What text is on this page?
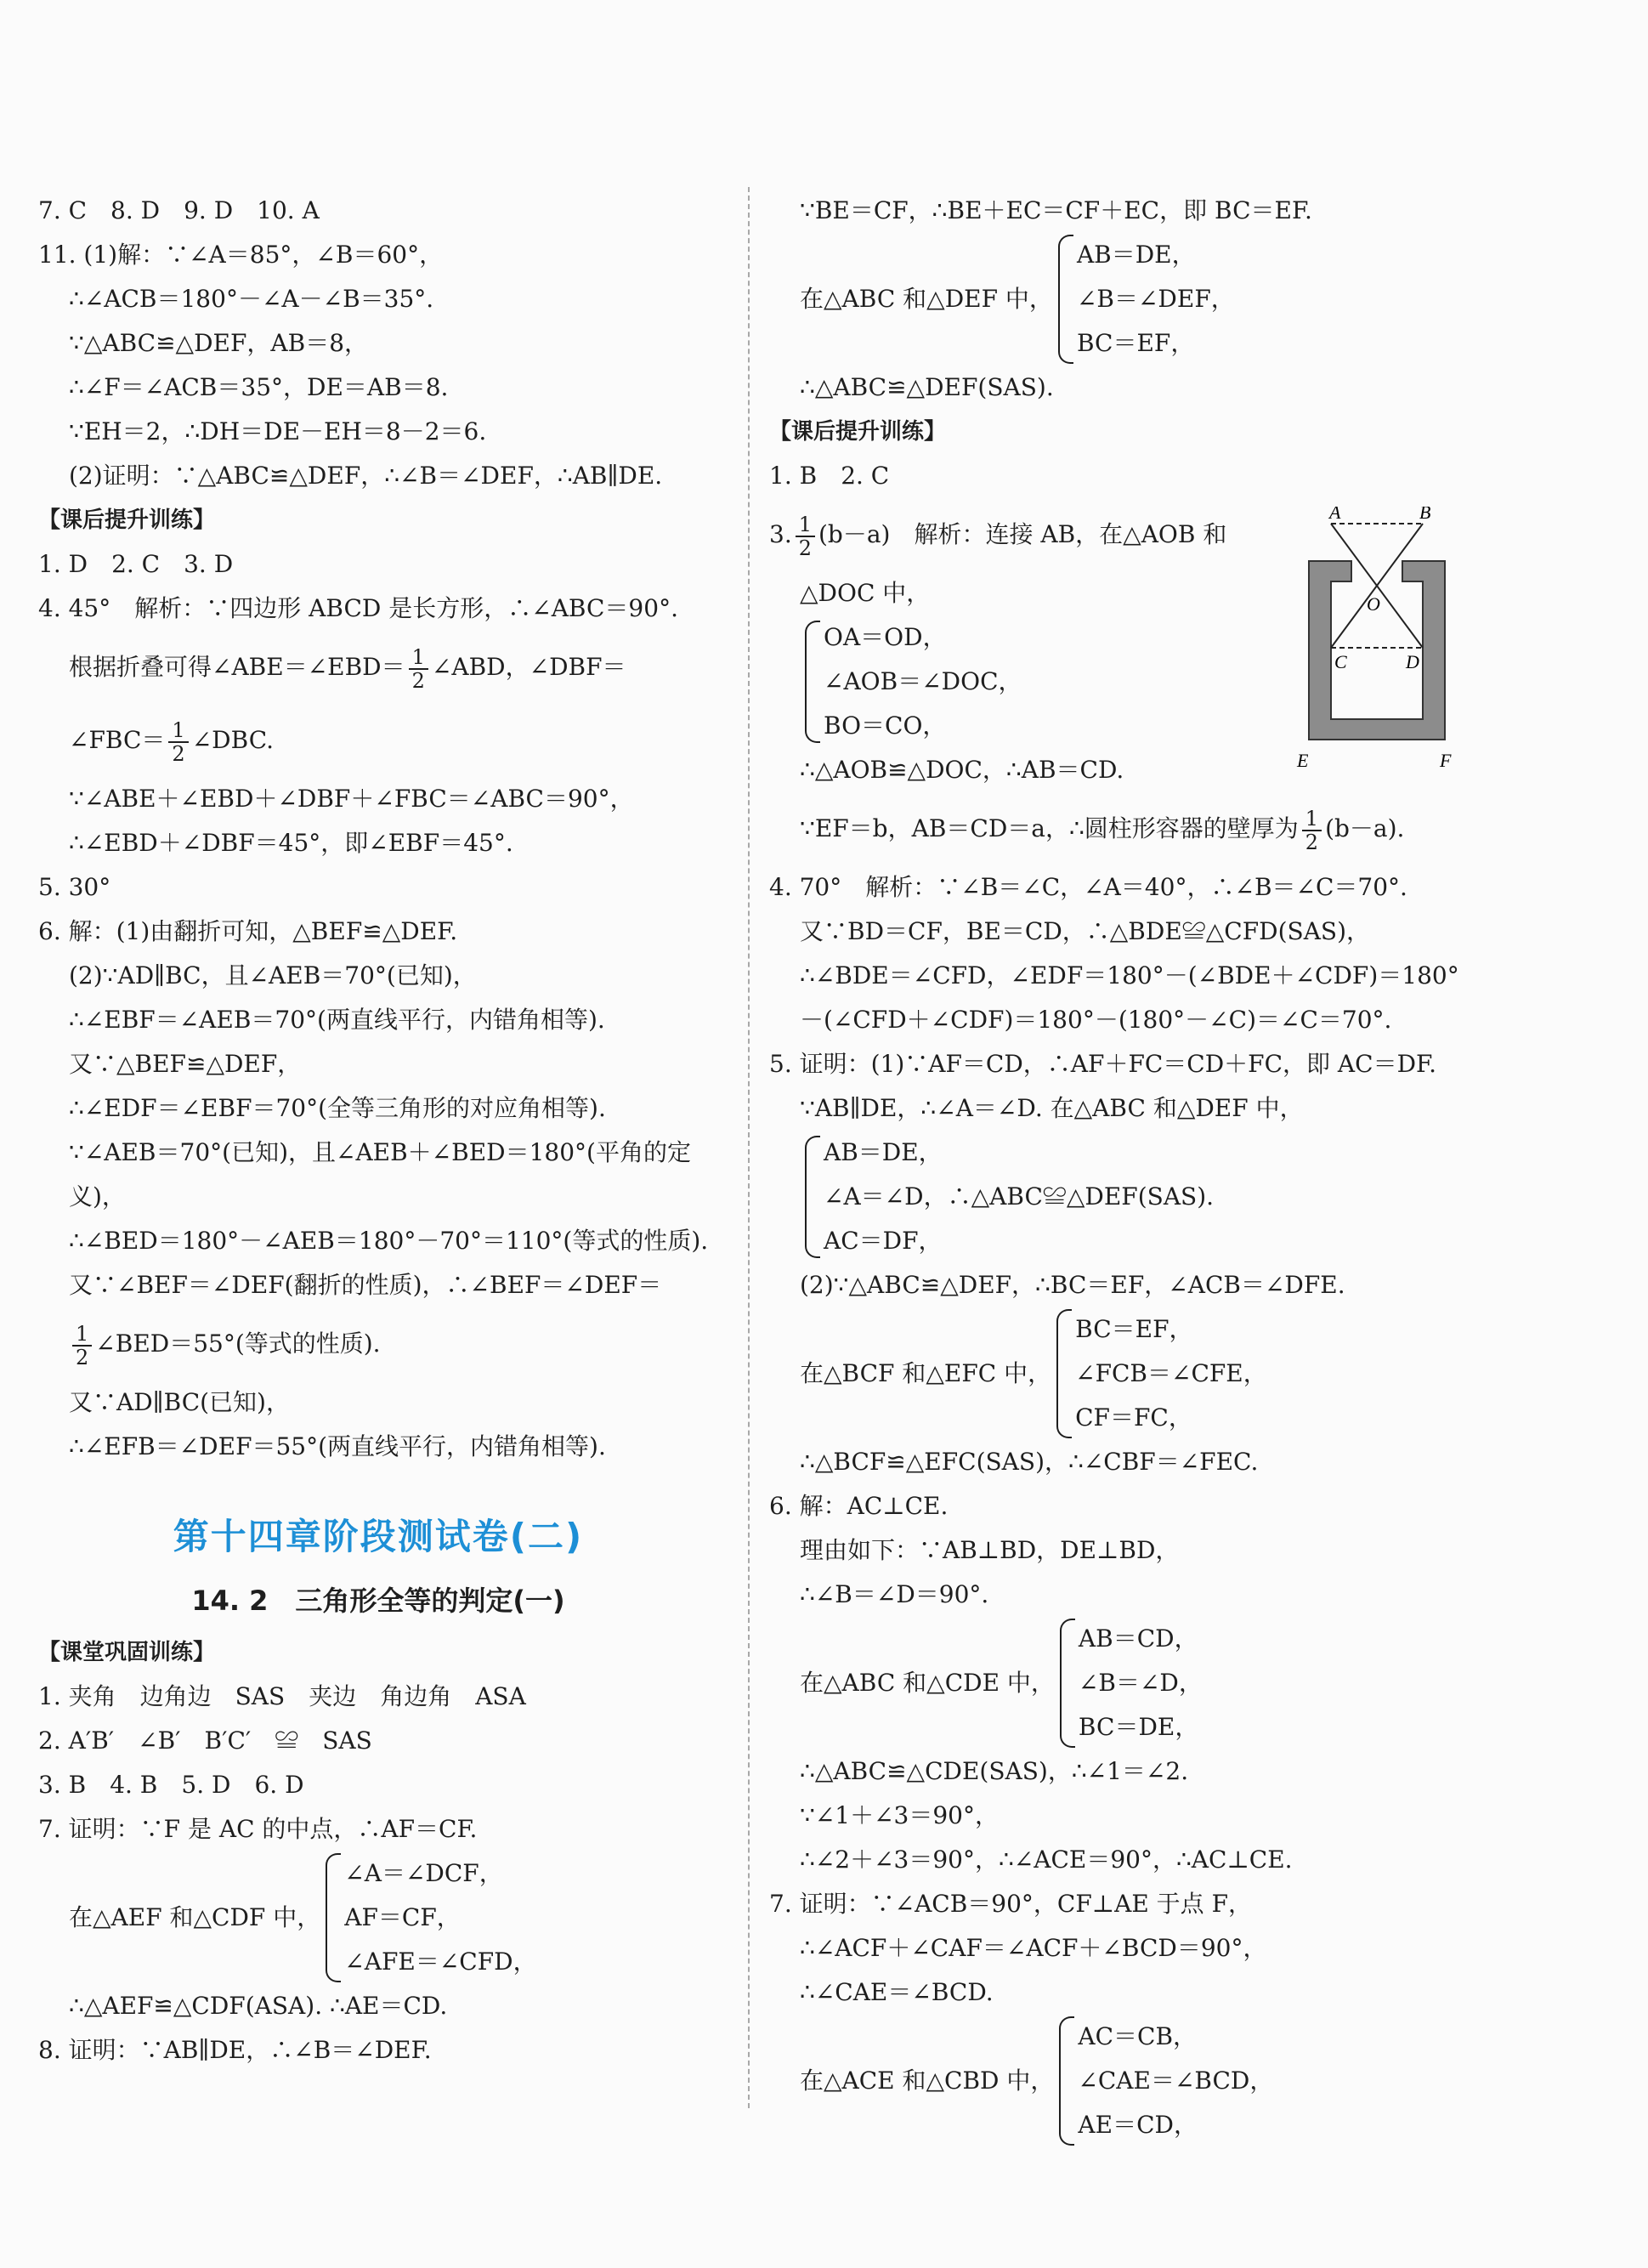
7. C　8. D　9. D　10. A
11. (1)解：∵∠A＝85°，∠B＝60°，
∴∠ACB＝180°－∠A－∠B＝35°.
∵△ABC≌△DEF，AB＝8，
∴∠F＝∠ACB＝35°，DE＝AB＝8.
∵EH＝2，∴DH＝DE－EH＝8－2＝6.
(2)证明：∵△ABC≌△DEF，∴∠B＝∠DEF，∴AB∥DE.
【课后提升训练】
1. D　2. C　3. D
4. 45°　解析：∵四边形 ABCD 是长方形，∴∠ABC＝90°.
根据折叠可得∠ABE＝∠EBD＝ $\frac{1}{2}$ ∠ABD，∠DBF＝
∠FBC＝ $\frac{1}{2}$ ∠DBC.
∵∠ABE＋∠EBD＋∠DBF＋∠FBC＝∠ABC＝90°，
∴∠EBD＋∠DBF＝45°，即∠EBF＝45°.
5. 30°
6. 解：(1)由翻折可知，△BEF≌△DEF.
(2)∵AD∥BC，且∠AEB＝70°(已知)，
∴∠EBF＝∠AEB＝70°(两直线平行，内错角相等).
又∵△BEF≌△DEF，
∴∠EDF＝∠EBF＝70°(全等三角形的对应角相等).
∵∠AEB＝70°(已知)，且∠AEB＋∠BED＝180°(平角的定
义)，
∴∠BED＝180°－∠AEB＝180°－70°＝110°(等式的性质).
又∵∠BEF＝∠DEF(翻折的性质)，∴∠BEF＝∠DEF＝
$\frac{1}{2}$ ∠BED＝55°(等式的性质).
又∵AD∥BC(已知)，
∴∠EFB＝∠DEF＝55°(两直线平行，内错角相等).
第十四章阶段测试卷(二)
14. 2　三角形全等的判定(一)
【课堂巩固训练】
1. 夹角　边角边　SAS　夹边　角边角　ASA
2. A′B′　∠B′　B′C′　≌　SAS
3. B　4. B　5. D　6. D
7. 证明：∵F 是 AC 的中点，∴AF＝CF.
在△AEF 和△CDF 中，
∠A＝∠DCF，
AF＝CF，
∠AFE＝∠CFD，
∴△AEF≌△CDF(ASA). ∴AE＝CD.
8. 证明：∵AB∥DE，∴∠B＝∠DEF.
∵BE＝CF，∴BE＋EC＝CF＋EC，即 BC＝EF.
在△ABC 和△DEF 中，
AB＝DE，
∠B＝∠DEF，
BC＝EF，
∴△ABC≌△DEF(SAS).
【课后提升训练】
1. B　2. C
3. $\frac{1}{2} (b-a)$　解析：连接 AB，在△AOB 和
△DOC 中，
OA＝OD，
∠AOB＝∠DOC，
BO＝CO，
∴△AOB≌△DOC，∴AB＝CD.
∵EF＝b，AB＝CD＝a，∴圆柱形容器的壁厚为 $\frac{1}{2} (b-a)$.
4. 70°　解析：∵∠B＝∠C，∠A＝40°，∴∠B＝∠C＝70°.
又∵BD＝CF，BE＝CD，∴△BDE≌△CFD(SAS)，
∴∠BDE＝∠CFD，∠EDF＝180°－(∠BDE＋∠CDF)＝180°
－(∠CFD＋∠CDF)＝180°－(180°－∠C)＝∠C＝70°.
5. 证明：(1)∵AF＝CD，∴AF＋FC＝CD＋FC，即 AC＝DF.
∵AB∥DE，∴∠A＝∠D. 在△ABC 和△DEF 中，
AB＝DE，
∠A＝∠D，∴△ABC≌△DEF(SAS).
AC＝DF，
(2)∵△ABC≌△DEF，∴BC＝EF，∠ACB＝∠DFE.
在△BCF 和△EFC 中，
BC＝EF，
∠FCB＝∠CFE，
CF＝FC，
∴△BCF≌△EFC(SAS)，∴∠CBF＝∠FEC.
6. 解：AC⊥CE.
理由如下：∵AB⊥BD，DE⊥BD，
∴∠B＝∠D＝90°.
在△ABC 和△CDE 中，
AB＝CD，
∠B＝∠D，
BC＝DE，
∴△ABC≌△CDE(SAS)，∴∠1＝∠2.
∵∠1＋∠3＝90°，
∴∠2＋∠3＝90°，∴∠ACE＝90°，∴AC⊥CE.
7. 证明：∵∠ACB＝90°，CF⊥AE 于点 F，
∴∠ACF＋∠CAF＝∠ACF＋∠BCD＝90°，
∴∠CAE＝∠BCD.
在△ACE 和△CBD 中，
AC＝CB，
∠CAE＝∠BCD，
AE＝CD，
A	B
O
C	D
E	F
